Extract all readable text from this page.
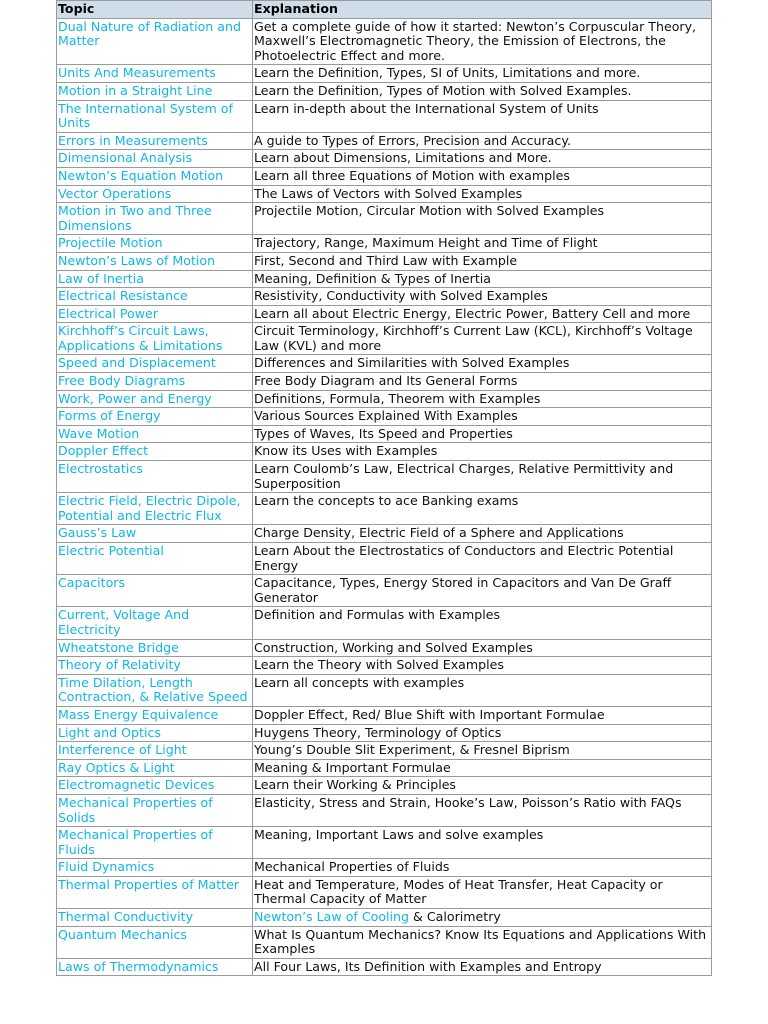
Topic	Explanation
Dual Nature of Radiation and Matter	Get a complete guide of how it started: Newton’s Corpuscular Theory, Maxwell’s Electromagnetic Theory, the Emission of Electrons, the Photoelectric Effect and more.
Units And Measurements	Learn the Definition, Types, SI of Units, Limitations and more.
Motion in a Straight Line	Learn the Definition, Types of Motion with Solved Examples.
The International System of Units	Learn in-depth about the International System of Units
Errors in Measurements	A guide to Types of Errors, Precision and Accuracy.
Dimensional Analysis	Learn about Dimensions, Limitations and More.
Newton’s Equation Motion	Learn all three Equations of Motion with examples
Vector Operations	The Laws of Vectors with Solved Examples
Motion in Two and Three Dimensions	Projectile Motion, Circular Motion with Solved Examples
Projectile Motion	Trajectory, Range, Maximum Height and Time of Flight
Newton’s Laws of Motion	First, Second and Third Law with Example
Law of Inertia	Meaning, Definition & Types of Inertia
Electrical Resistance	Resistivity, Conductivity with Solved Examples
Electrical Power	Learn all about Electric Energy, Electric Power, Battery Cell and more
Kirchhoff’s Circuit Laws, Applications & Limitations	Circuit Terminology, Kirchhoff’s Current Law (KCL), Kirchhoff’s Voltage Law (KVL) and more
Speed and Displacement	Differences and Similarities with Solved Examples
Free Body Diagrams	Free Body Diagram and Its General Forms
Work, Power and Energy	Definitions, Formula, Theorem with Examples
Forms of Energy	Various Sources Explained With Examples
Wave Motion	Types of Waves, Its Speed and Properties
Doppler Effect	Know its Uses with Examples
Electrostatics	Learn Coulomb’s Law, Electrical Charges, Relative Permittivity and Superposition
Electric Field, Electric Dipole, Potential and Electric Flux	Learn the concepts to ace Banking exams
Gauss’s Law	Charge Density, Electric Field of a Sphere and Applications
Electric Potential	Learn About the Electrostatics of Conductors and Electric Potential Energy
Capacitors	Capacitance, Types, Energy Stored in Capacitors and Van De Graff Generator
Current, Voltage And Electricity	Definition and Formulas with Examples
Wheatstone Bridge	Construction, Working and Solved Examples
Theory of Relativity	Learn the Theory with Solved Examples
Time Dilation, Length Contraction, & Relative Speed	Learn all concepts with examples
Mass Energy Equivalence	Doppler Effect, Red/ Blue Shift with Important Formulae
Light and Optics	Huygens Theory, Terminology of Optics
Interference of Light	Young’s Double Slit Experiment, & Fresnel Biprism
Ray Optics & Light	Meaning & Important Formulae
Electromagnetic Devices	Learn their Working & Principles
Mechanical Properties of Solids	Elasticity, Stress and Strain, Hooke’s Law, Poisson’s Ratio with FAQs
Mechanical Properties of Fluids	Meaning, Important Laws and solve examples
Fluid Dynamics	Mechanical Properties of Fluids
Thermal Properties of Matter	Heat and Temperature, Modes of Heat Transfer, Heat Capacity or Thermal Capacity of Matter
Thermal Conductivity	Newton’s Law of Cooling & Calorimetry
Quantum Mechanics	What Is Quantum Mechanics? Know Its Equations and Applications With Examples
Laws of Thermodynamics	All Four Laws, Its Definition with Examples and Entropy
